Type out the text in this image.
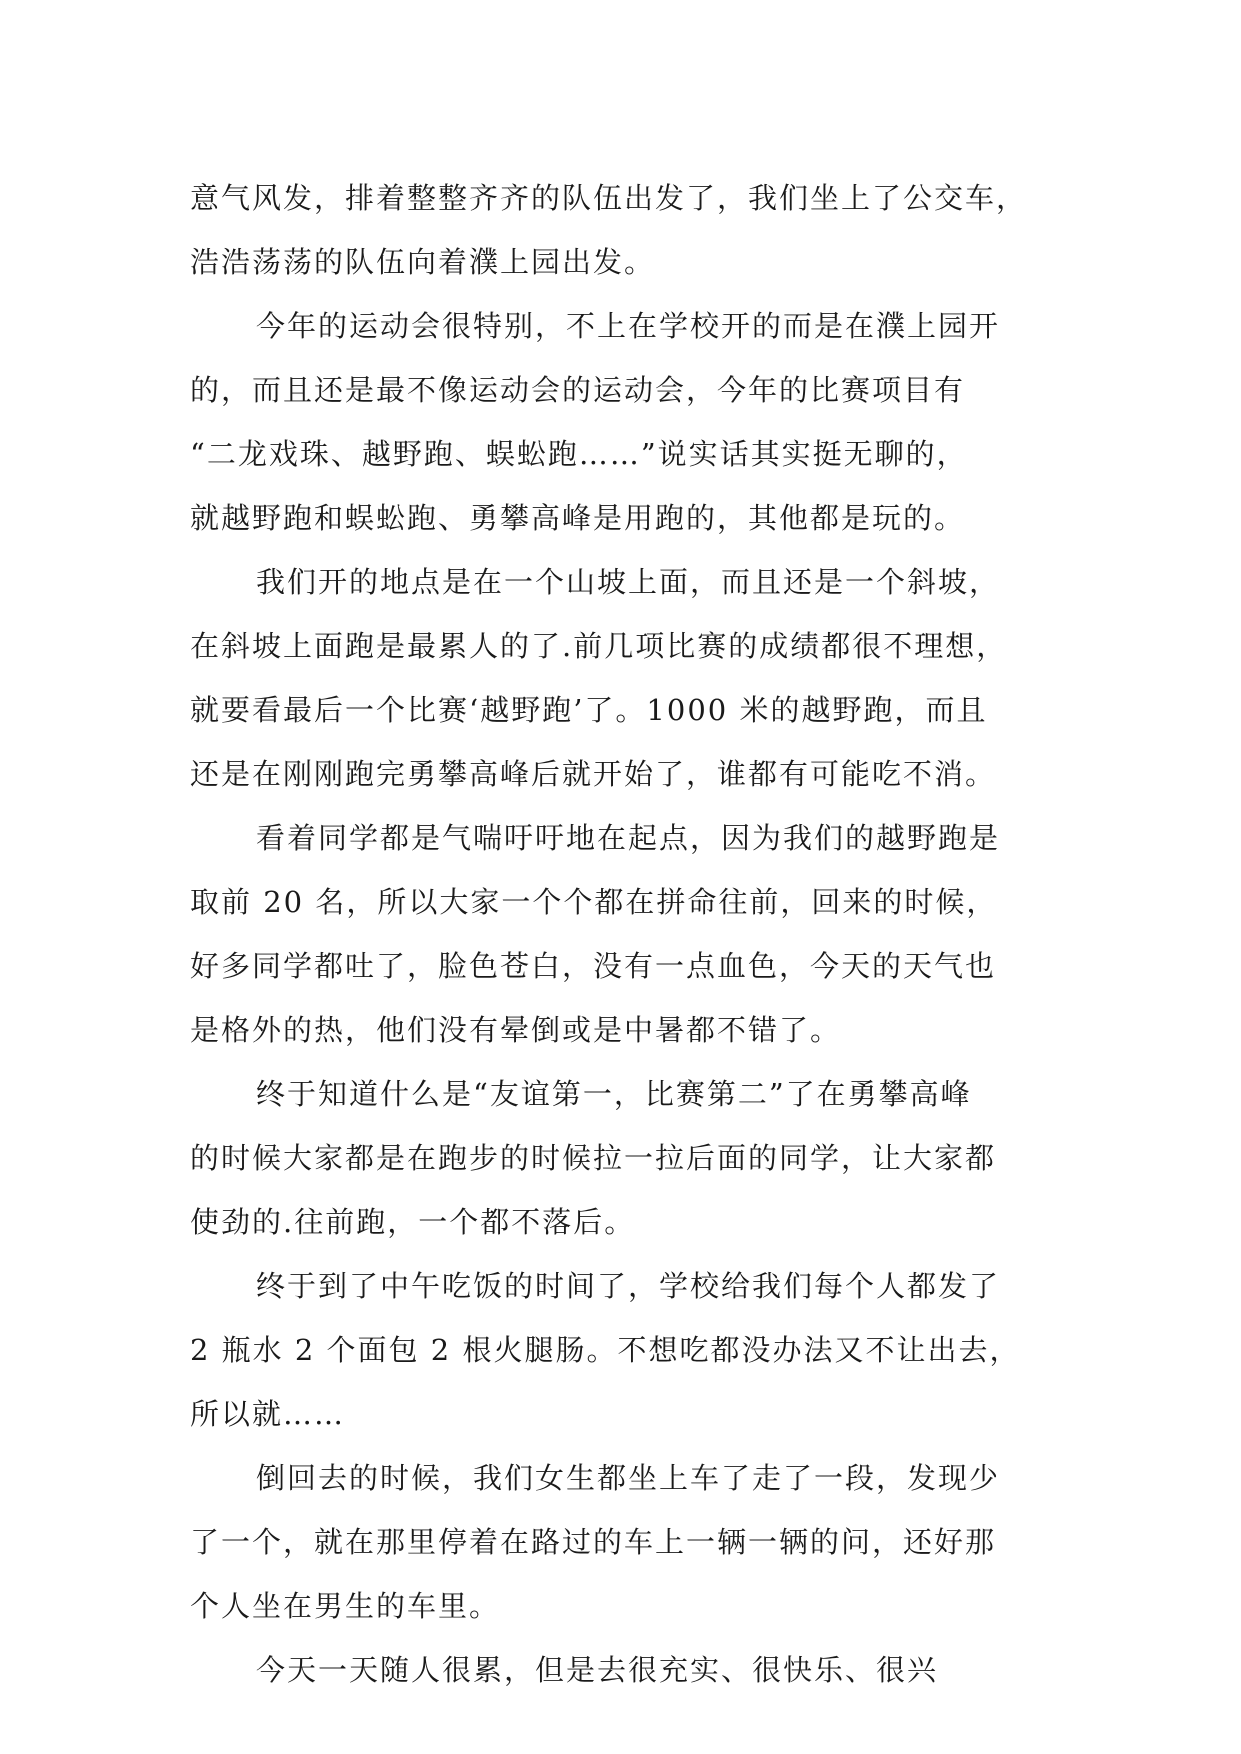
意气风发，排着整整齐齐的队伍出发了，我们坐上了公交车，
浩浩荡荡的队伍向着濮上园出发。
今年的运动会很特别，不上在学校开的而是在濮上园开
的，而且还是最不像运动会的运动会，今年的比赛项目有
“二龙戏珠、越野跑、蜈蚣跑……”说实话其实挺无聊的，
就越野跑和蜈蚣跑、勇攀高峰是用跑的，其他都是玩的。
我们开的地点是在一个山坡上面，而且还是一个斜坡，
在斜坡上面跑是最累人的了.前几项比赛的成绩都很不理想，
就要看最后一个比赛‘越野跑’了。1000 米的越野跑，而且
还是在刚刚跑完勇攀高峰后就开始了，谁都有可能吃不消。
看着同学都是气喘吁吁地在起点，因为我们的越野跑是
取前 20 名，所以大家一个个都在拼命往前，回来的时候，
好多同学都吐了，脸色苍白，没有一点血色，今天的天气也
是格外的热，他们没有晕倒或是中暑都不错了。
终于知道什么是“友谊第一，比赛第二”了在勇攀高峰
的时候大家都是在跑步的时候拉一拉后面的同学，让大家都
使劲的.往前跑，一个都不落后。
终于到了中午吃饭的时间了，学校给我们每个人都发了
2 瓶水 2 个面包 2 根火腿肠。不想吃都没办法又不让出去，
所以就……
倒回去的时候，我们女生都坐上车了走了一段，发现少
了一个，就在那里停着在路过的车上一辆一辆的问，还好那
个人坐在男生的车里。
今天一天随人很累，但是去很充实、很快乐、很兴
